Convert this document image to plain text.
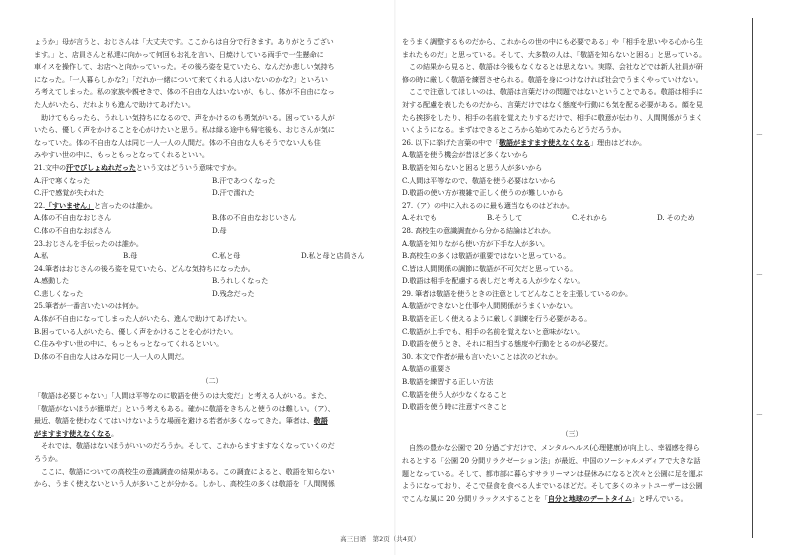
ょうか」母が言うと、おじさんは「大丈夫です。ここからは自分で行きます。ありがとうござい

ます。」と、店員さんと私達に向かって何回もお礼を言い、日焼けしている両手で一生懸命に

車イスを操作して、お店へと向かっていった。その後ろ姿を見ていたら、なんだか悲しい気持ち

になった。「一人暮らしかな?」「だれか一緒について来てくれる人はいないのかな?」といろい

ろ考えてしまった。私の家族や親せきで、体の不自由な人はいないが、もし、体が不自由になっ

た人がいたら、だれよりも進んで助けてあげたい。

助けてもらったら、うれしい気持ちになるので、声をかけるのも勇気がいる。困っている人が

いたら、優しく声をかけることを心がけたいと思う。私は緑る途中も帰宅後も、おじさんが気に

なっていた。体の不自由な人は同じ一人一人の人間だ。体の不自由な人もそうでない人も住

みやすい世の中に、もっともっとなってくれるといい。

21.文中の汗でびしょぬれだったという文はどういう意味ですか。

A.汗で寒くなった	B.汗であつくなった
C.汗で感覚が失われた	D.汗で濡れた

22.「すいません」と言ったのは誰か。

A.体の不自由なおじさん	B.体の不自由なおじいさん
C.体の不自由なおばさん	D.母

23.おじさんを手伝ったのは誰か。

A.私	B.母	C.私と母	D.私と母と店員さん

24.筆者はおじさんの後ろ姿を見ていたら、どんな気持ちになったか。

A.感動した	B.うれしくなった
C.悲しくなった	D.残念だった

25.筆者が一番言いたいのは何か。

A.体が不自由になってしまった人がいたら、進んで助けてあげたい。

B.困っている人がいたら、優しく声をかけることを心がけたい。

C.住みやすい世の中に、もっともっとなってくれるといい。

D.体の不自由な人はみな同じ一人一人の人間だ。

（二）

「敬語は必要じゃない」「人間は平等なのに敬語を使うのは大変だ」と考える人がいる。また、

「敬語がないほうが簡単だ」という考えもある。確かに敬語をきちんと使うのは難しい。（ア）、

最近、敬語を使わなくてはいけないような場面を避ける若者が多くなってきた。筆者は、敬語

がますます使えなくなる。

それでは、敬語はないほうがいいのだろうか。そして、これからますますなくなっていくのだ

ろうか。

ここに、敬語についての高校生の意識調査の結果がある。この調査によると、敬語を知らない

から、うまく使えないという人が多いことが分かる。しかし、高校生の多くは敬語を「人間関係

をうまく調整するものだから、これからの世の中にも必要である」や「相手を思いやる心から生

まれたものだ」と思っている。そして、大多数の人は、「敬語を知らないと困る」と思っている。

この結果から見ると、敬語は今後もなくなるとは思えない。実際、会社などでは新人社員が研

修の時に厳しく敬語を練習させられる。敬語を身につけなければ社会でうまくやっていけない。

ここで注意してほしいのは、敬語は言葉だけの問題ではないということである。敬語は相手に

対する配慮を表したものだから、言葉だけではなく態度や行動にも気を配る必要がある。顔を見

たら挨拶をしたり、相手の名前を覚えたりするだけで、相手に敬意が伝わり、人間関係がうまく

いくようになる。まずはできるところから始めてみたらどうだろうか。

26. 以下に挙げた言葉の中で「敬語がますます使えなくなる」理由はどれか。

A.敬語を使う機会が昔ほど多くないから

B.敬語を知らないと困ると思う人が多いから

C.人間は平等なので、敬語を使う必要はないから

D.敬語の使い方が複雑で正しく使うのが難しいから

27.（ア）の中に入れるのに最も適当なものはどれか。

A.それでも	B.そうして	C.それから	D. そのため

28. 高校生の意識調査から分かる結論はどれか。

A.敬語を知りながら使い方が下手な人が多い。

B.高校生の多くは敬語が重要ではないと思っている。

C.皆は人間関係の調節に敬語が不可欠だと思っている。

D.敬語は相手を配慮する表しだと考える人が少なくない。

29. 筆者は敬語を使うときの注意としてどんなことを主張しているのか。

A.敬語ができないと仕事や人間関係がうまくいかない。

B.敬語を正しく使えるように厳しく訓練を行う必要がある。

C.敬語が上手でも、相手の名前を覚えないと意味がない。

D.敬語を使うとき、それに相当する態度や行動をとるのが必要だ。

30. 本文で作者が最も言いたいことは次のどれか。

A.敬語の重要さ

B.敬語を練習する正しい方法

C.敬語を使う人が少なくなること

D.敬語を使う時に注意すべきこと

（三）

自然の豊かな公園で 20 分過ごすだけで、メンタルヘルス(心理健康)が向上し、幸福感を得ら

れるとする「公園 20 分間リラクゼーション法」が最近、中国のソーシャルメディアで大きな話

題となっている。そして、都市部に暮らすサラリーマンは昼休みになると次々と公園に足を運ぶ

ようになっており、そこで昼食を食べる人までいるほどだ。そして多くのネットユーザーは公園

でこんな風に 20 分間リラックスすることを「自分と地球のデートタイム」と呼んでいる。

ー
ー
ー
高三日语　第2页（共4页）
